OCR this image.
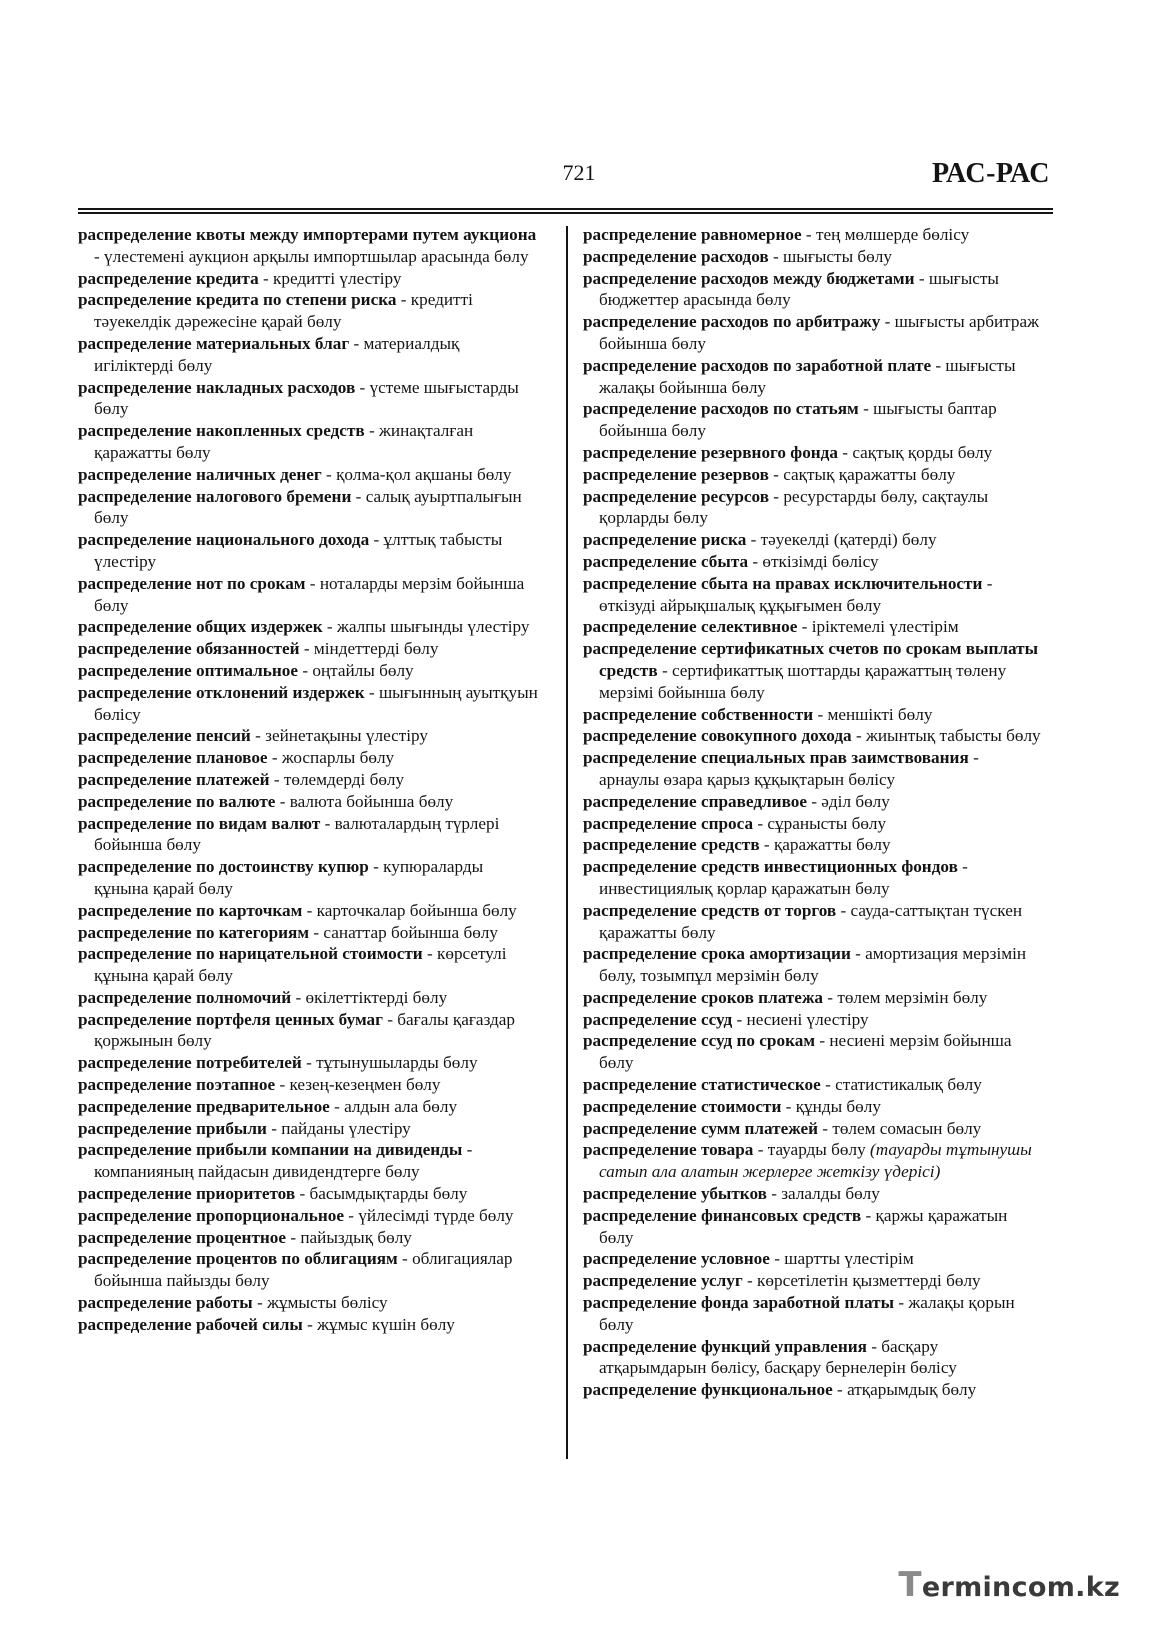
721	РАС-РАС

распределение квоты между импортерами путем аукциона - үлестемені аукцион арқылы импортшылар арасында бөлу

распределение кредита - кредитті үлестіру

распределение кредита по степени риска - кредитті тәуекелдік дәрежесіне қарай бөлу

распределение материальных благ - материалдық игіліктерді бөлу

распределение накладных расходов - үстеме шығыстарды бөлу

распределение накопленных средств - жинақталған қаражатты бөлу

распределение наличных денег - қолма-қол ақшаны бөлу

распределение налогового бремени - салық ауыртпалығын бөлу

распределение национального дохода - ұлттық табысты үлестіру

распределение нот по срокам - ноталарды мерзім бойынша бөлу

распределение общих издержек - жалпы шығынды үлестіру

распределение обязанностей - міндеттерді бөлу

распределение оптимальное - оңтайлы бөлу

распределение отклонений издержек - шығынның ауытқуын бөлісу

распределение пенсий - зейнетақыны үлестіру

распределение плановое - жоспарлы бөлу

распределение платежей - төлемдерді бөлу

распределение по валюте - валюта бойынша бөлу

распределение по видам валют - валюталардың түрлері бойынша бөлу

распределение по достоинству купюр - купюраларды құнына қарай бөлу

распределение по карточкам - карточкалар бойынша бөлу

распределение по категориям - санаттар бойынша бөлу

распределение по нарицательной стоимости - көрсетулі құнына қарай бөлу

распределение полномочий - өкілеттіктерді бөлу

распределение портфеля ценных бумаг - бағалы қағаздар қоржынын бөлу

распределение потребителей - тұтынушыларды бөлу

распределение поэтапное - кезең-кезеңмен бөлу

распределение предварительное - алдын ала бөлу

распределение прибыли - пайданы үлестіру

распределение прибыли компании на дивиденды - компанияның пайдасын дивидендтерге бөлу

распределение приоритетов - басымдықтарды бөлу

распределение пропорциональное - үйлесімді түрде бөлу

распределение процентное - пайыздық бөлу

распределение процентов по облигациям - облигациялар бойынша пайызды бөлу

распределение работы - жұмысты бөлісу

распределение рабочей силы - жұмыс күшін бөлу

распределение равномерное - тең мөлшерде бөлісу

распределение расходов - шығысты бөлу

распределение расходов между бюджетами - шығысты бюджеттер арасында бөлу

распределение расходов по арбитражу - шығысты арбитраж бойынша бөлу

распределение расходов по заработной плате - шығысты жалақы бойынша бөлу

распределение расходов по статьям - шығысты баптар бойынша бөлу

распределение резервного фонда - сақтық қорды бөлу

распределение резервов - сақтық қаражатты бөлу

распределение ресурсов - ресурстарды бөлу, сақтаулы қорларды бөлу

распределение риска - тәуекелді (қатерді) бөлу

распределение сбыта - өткізімді бөлісу

распределение сбыта на правах исключительности - өткізуді айрықшалық құқығымен бөлу

распределение селективное - іріктемелі үлестірім

распределение сертификатных счетов по срокам выплаты средств - сертификаттық шоттарды қаражаттың төлену мерзімі бойынша бөлу

распределение собственности - меншікті бөлу

распределение совокупного дохода - жиынтық табысты бөлу

распределение специальных прав заимствования - арнаулы өзара қарыз құқықтарын бөлісу

распределение справедливое - әділ бөлу

распределение спроса - сұранысты бөлу

распределение средств - қаражатты бөлу

распределение средств инвестиционных фондов - инвестициялық қорлар қаражатын бөлу

распределение средств от торгов - сауда-саттықтан түскен қаражатты бөлу

распределение срока амортизации - амортизация мерзімін бөлу, тозымпұл мерзімін бөлу

распределение сроков платежа - төлем мерзімін бөлу

распределение ссуд - несиені үлестіру

распределение ссуд по срокам - несиені мерзім бойынша бөлу

распределение статистическое - статистикалық бөлу

распределение стоимости - құнды бөлу

распределение сумм платежей - төлем сомасын бөлу

распределение товара - тауарды бөлу (тауарды тұтынушы сатып ала алатын жерлерге жеткізу үдерісі)

распределение убытков - залалды бөлу

распределение финансовых средств - қаржы қаражатын бөлу

распределение условное - шартты үлестірім

распределение услуг - көрсетілетін қызметтерді бөлу

распределение фонда заработной платы - жалақы қорын бөлу

распределение функций управления - басқару атқарымдарын бөлісу, басқару бернелерін бөлісу

распределение функциональное - атқарымдық бөлу

Termincom.kz
